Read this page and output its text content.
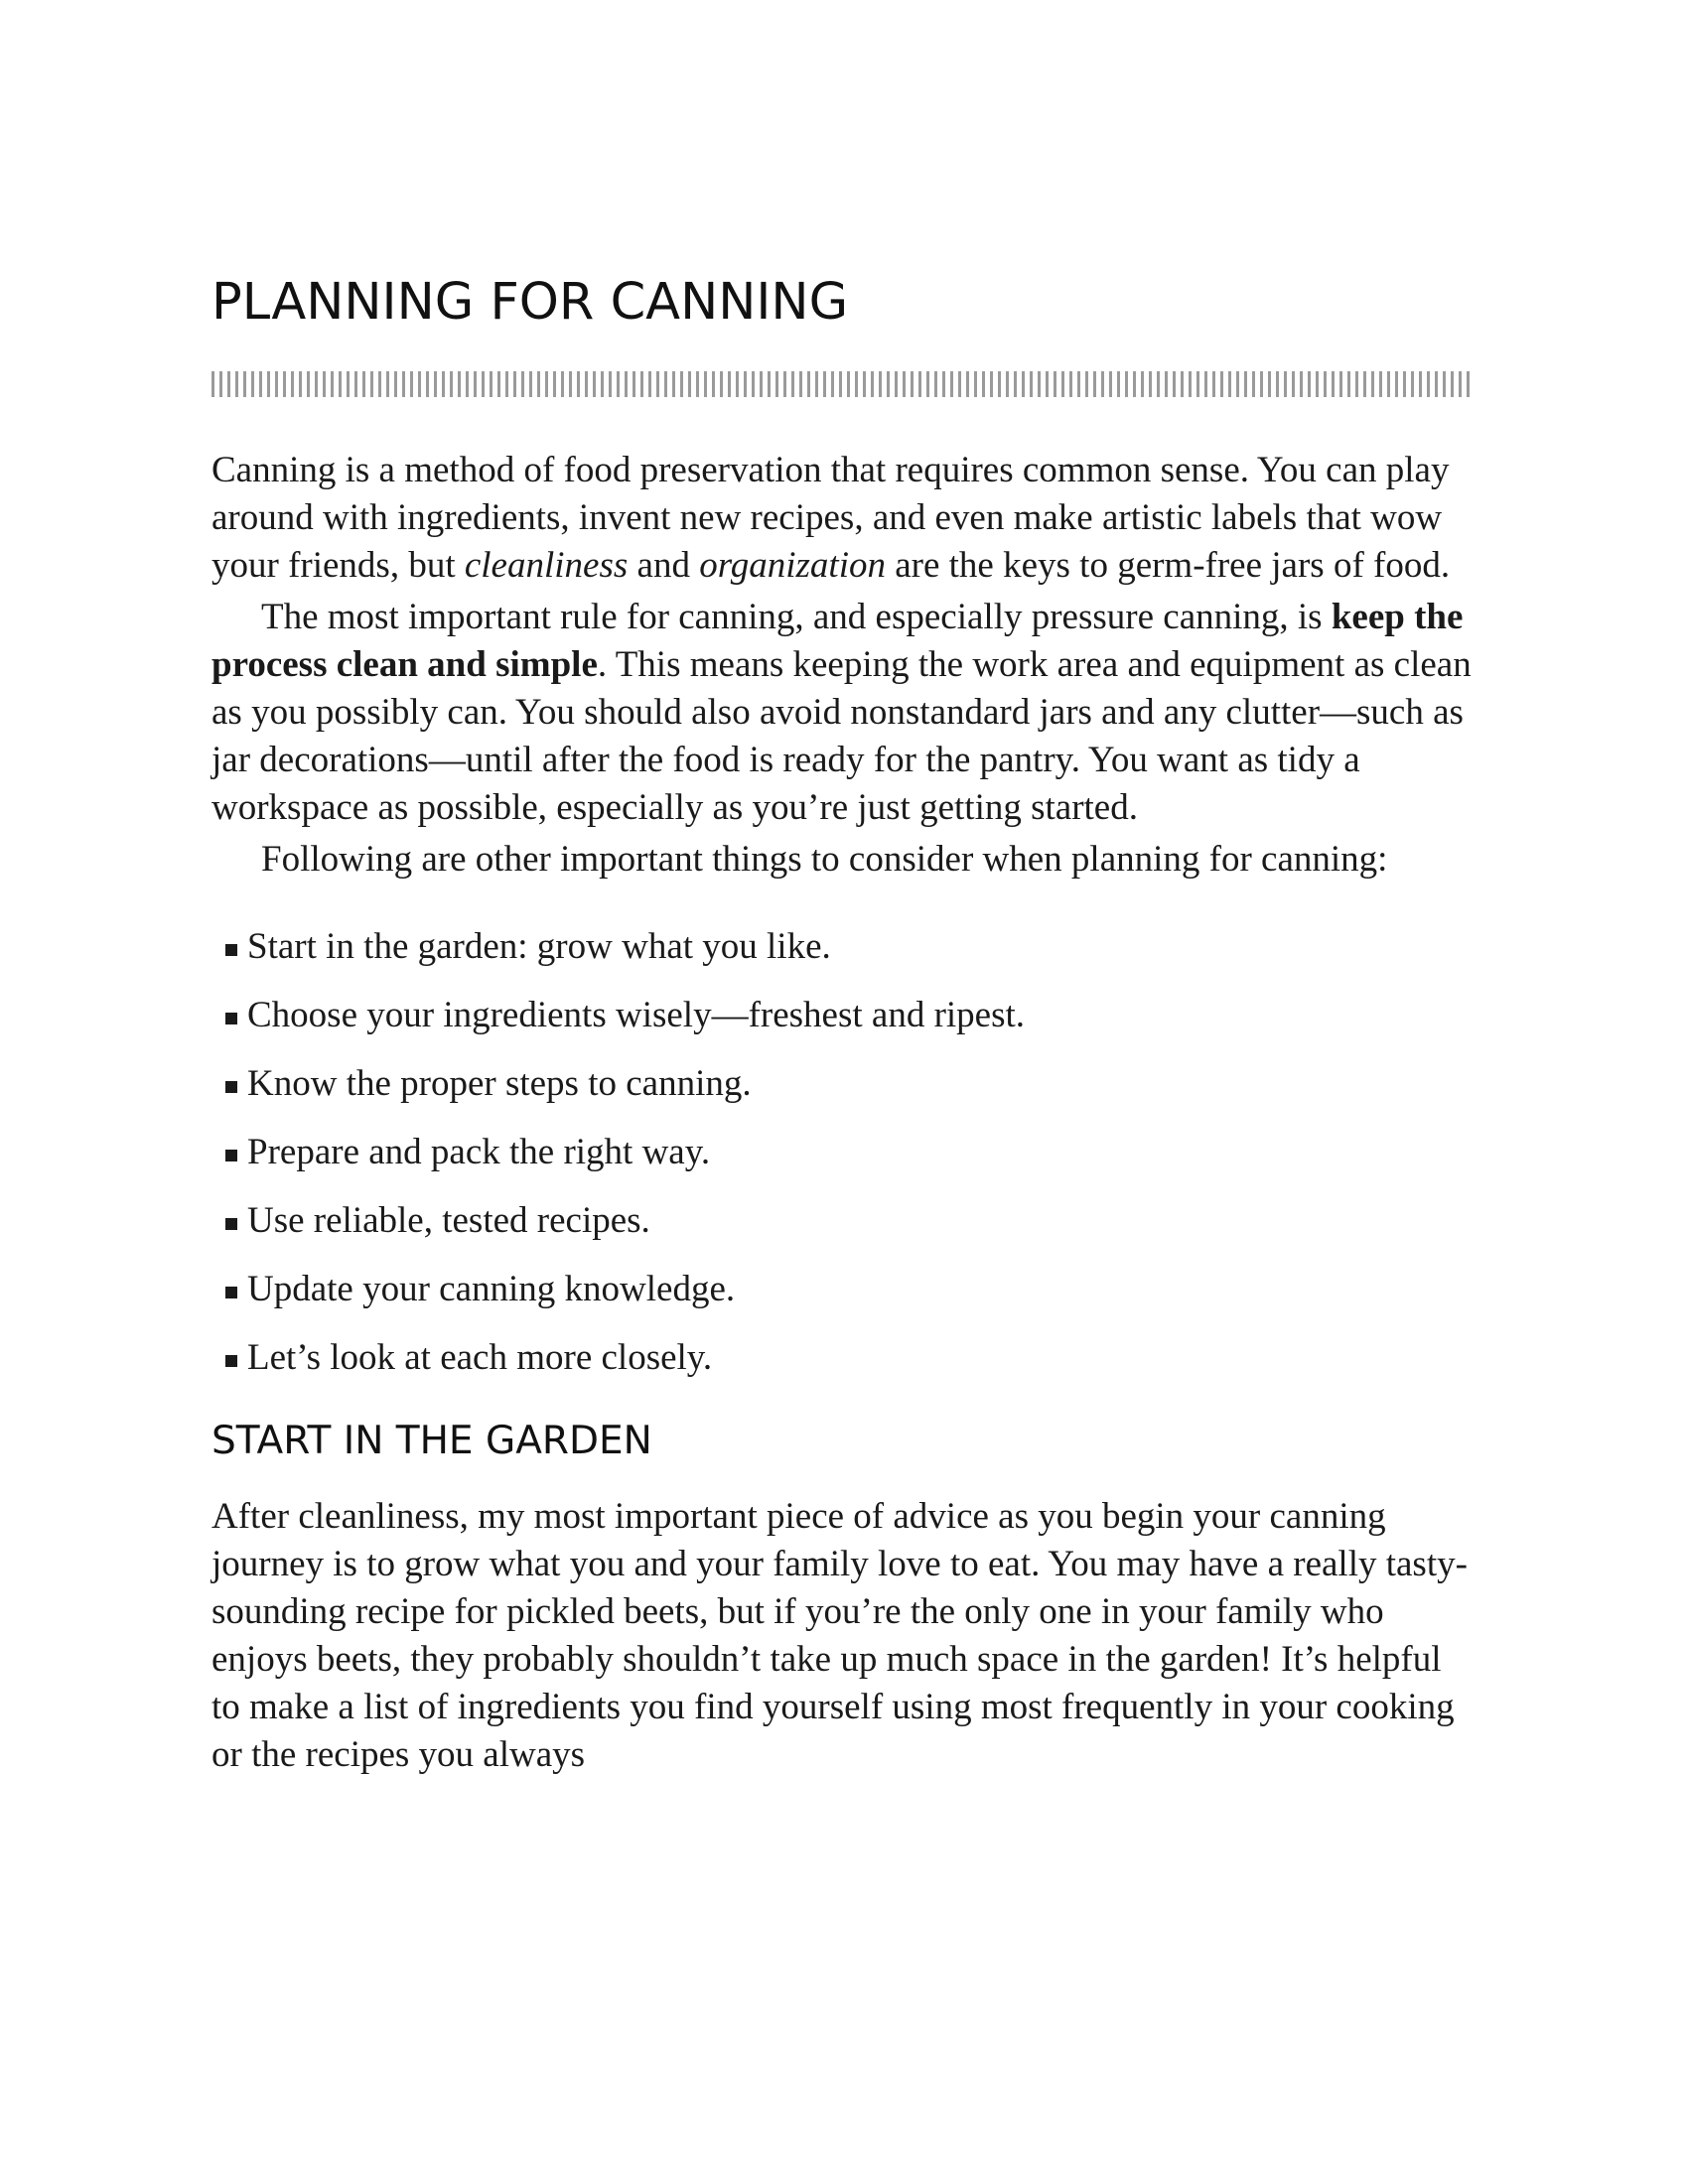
PLANNING FOR CANNING

Canning is a method of food preservation that requires common sense. You can play around with ingredients, invent new recipes, and even make artistic labels that wow your friends, but cleanliness and organization are the keys to germ-free jars of food.

The most important rule for canning, and especially pressure canning, is keep the process clean and simple. This means keeping the work area and equipment as clean as you possibly can. You should also avoid nonstandard jars and any clutter—such as jar decorations—until after the food is ready for the pantry. You want as tidy a workspace as possible, especially as you’re just getting started.

Following are other important things to consider when planning for canning:

Start in the garden: grow what you like.
Choose your ingredients wisely—freshest and ripest.
Know the proper steps to canning.
Prepare and pack the right way.
Use reliable, tested recipes.
Update your canning knowledge.
Let’s look at each more closely.
START IN THE GARDEN

After cleanliness, my most important piece of advice as you begin your canning journey is to grow what you and your family love to eat. You may have a really tasty-sounding recipe for pickled beets, but if you’re the only one in your family who enjoys beets, they probably shouldn’t take up much space in the garden! It’s helpful to make a list of ingredients you find yourself using most frequently in your cooking or the recipes you always
